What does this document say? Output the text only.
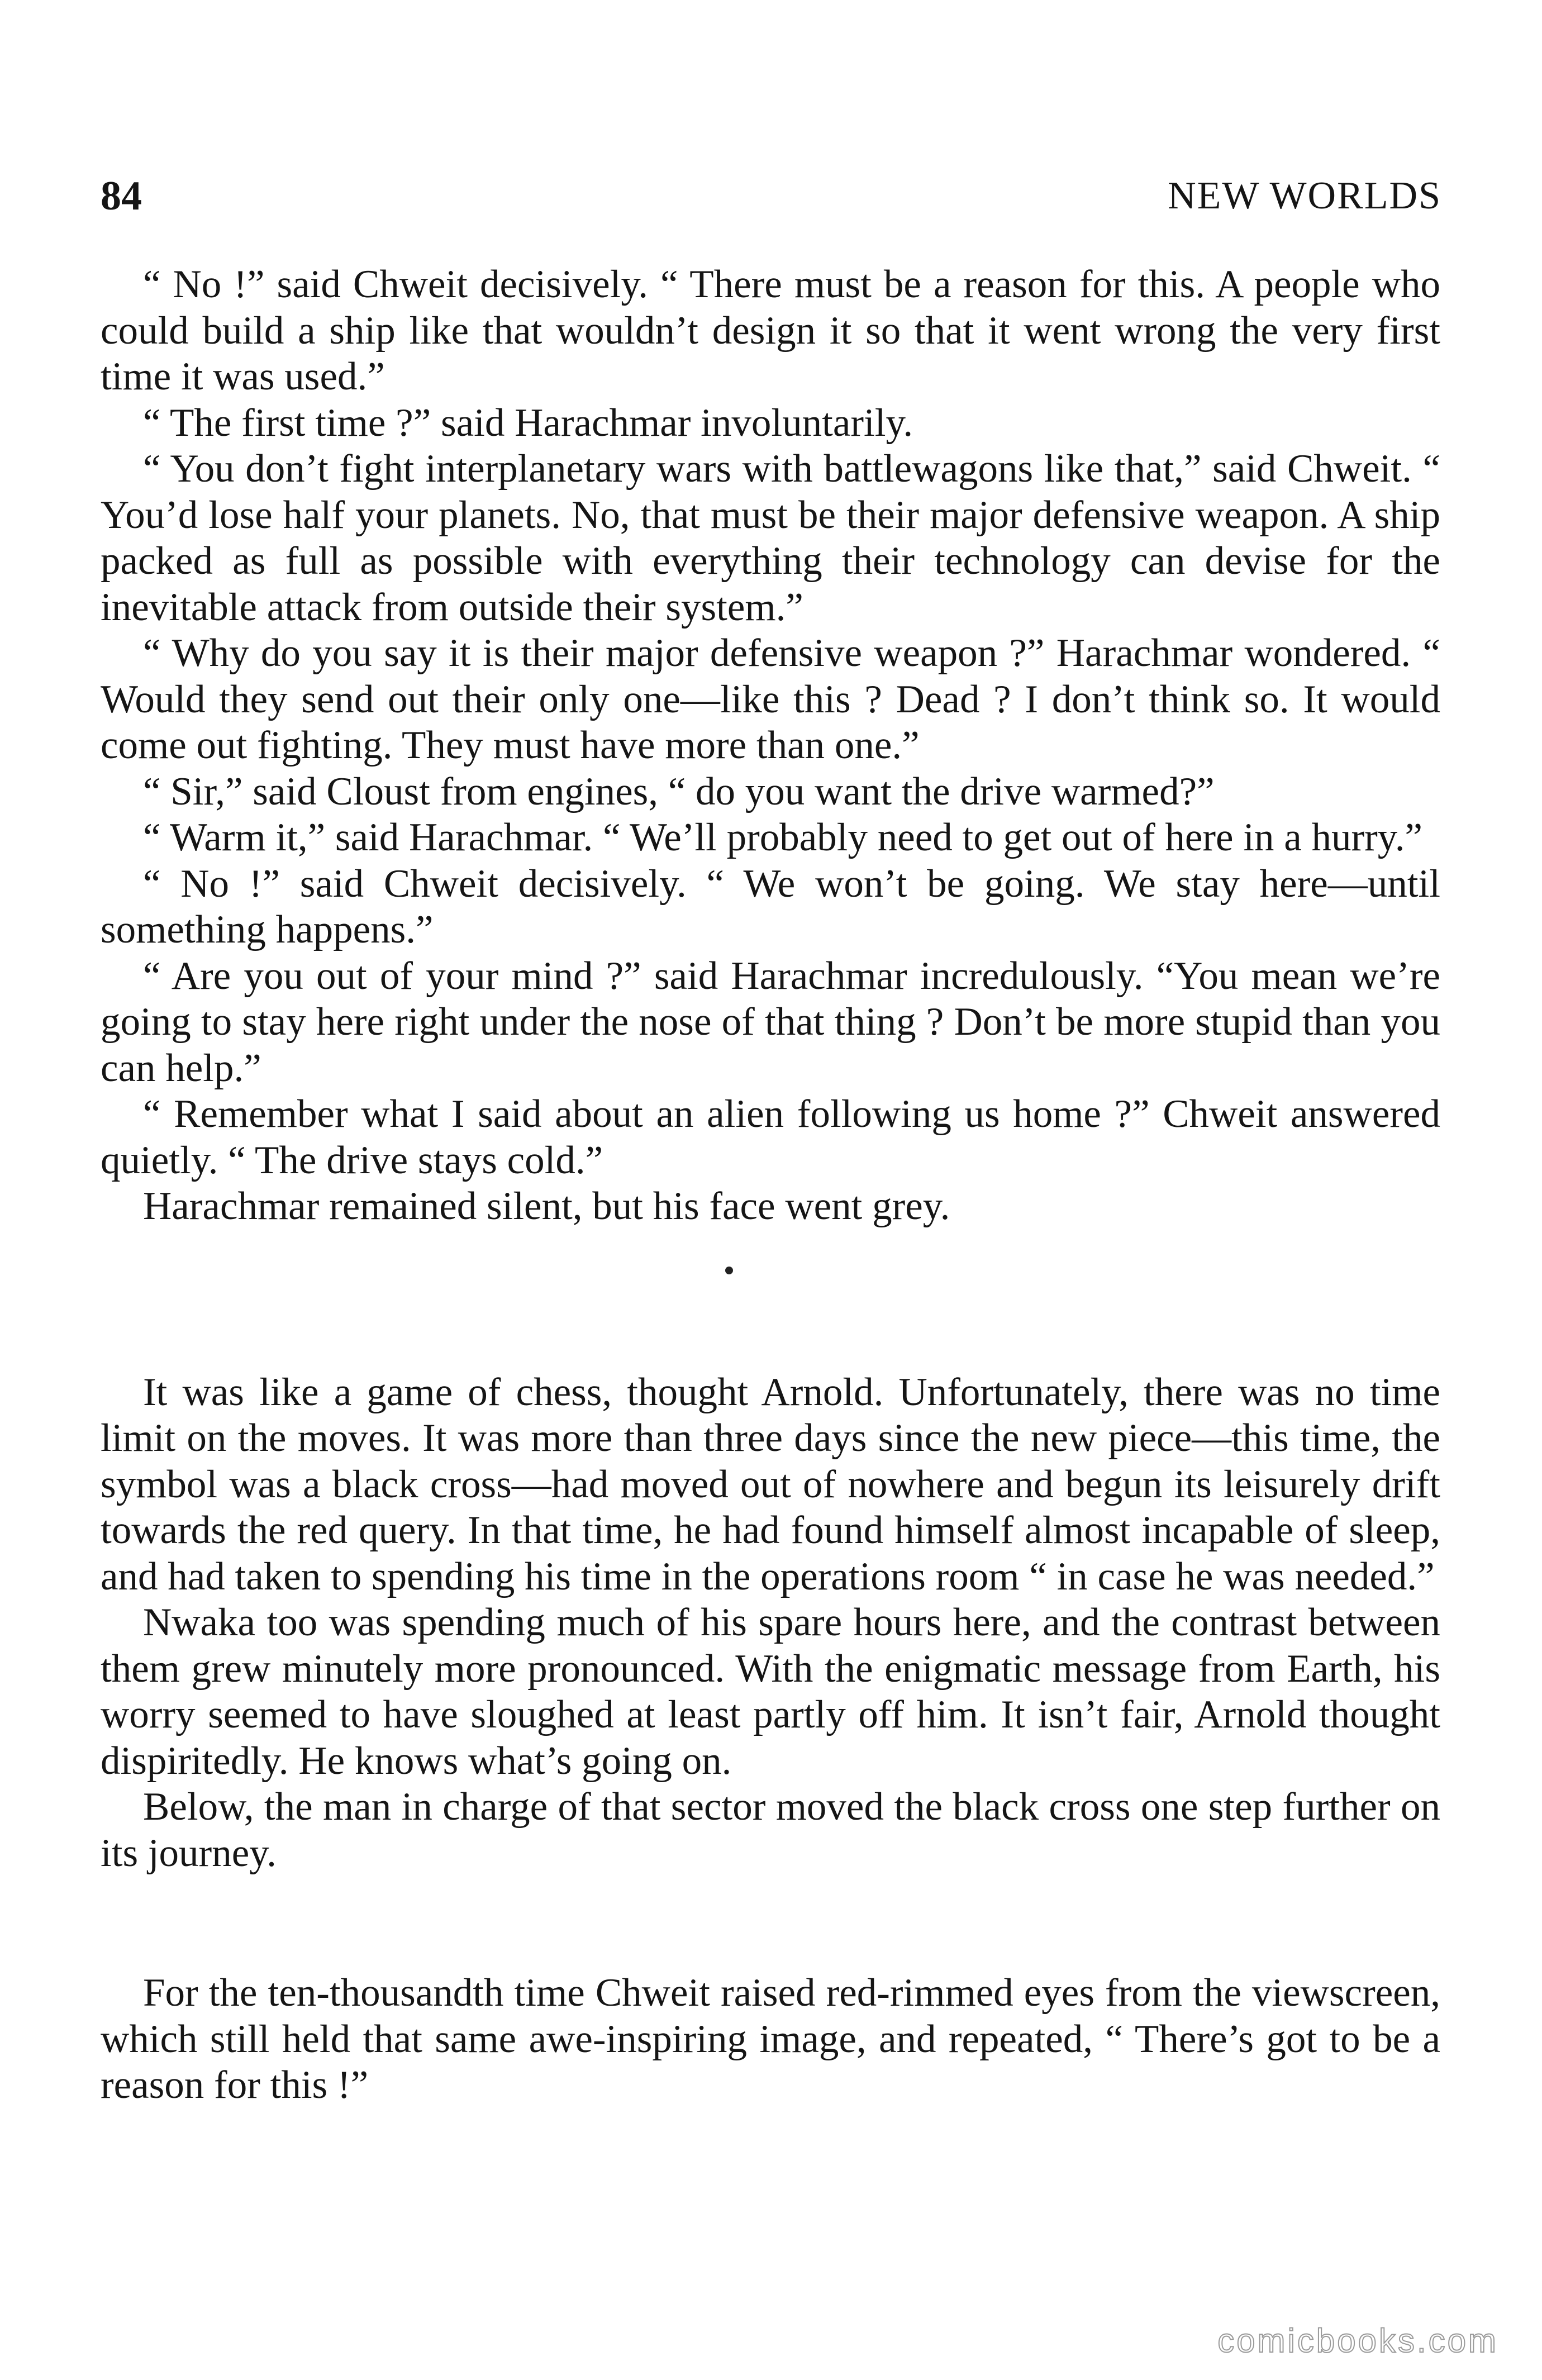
84	NEW WORLDS

“ No !” said Chweit decisively. “ There must be a reason for this. A people who could build a ship like that wouldn’t design it so that it went wrong the very first time it was used.”

“ The first time ?” said Harachmar involuntarily.

“ You don’t fight interplanetary wars with battlewagons like that,” said Chweit. “ You’d lose half your planets. No, that must be their major defensive weapon. A ship packed as full as possible with everything their technology can devise for the inevitable attack from outside their system.”

“ Why do you say it is their major defensive weapon ?” Harachmar wondered. “ Would they send out their only one—like this ? Dead ? I don’t think so. It would come out fighting. They must have more than one.”

“ Sir,” said Cloust from engines, “ do you want the drive warmed?”

“ Warm it,” said Harachmar. “ We’ll probably need to get out of here in a hurry.”

“ No !” said Chweit decisively. “ We won’t be going. We stay here—until something happens.”

“ Are you out of your mind ?” said Harachmar incredulously. “You mean we’re going to stay here right under the nose of that thing ? Don’t be more stupid than you can help.”

“ Remember what I said about an alien following us home ?” Chweit answered quietly. “ The drive stays cold.”

Harachmar remained silent, but his face went grey.

It was like a game of chess, thought Arnold. Unfortunately, there was no time limit on the moves. It was more than three days since the new piece—this time, the symbol was a black cross—had moved out of nowhere and begun its leisurely drift towards the red query. In that time, he had found himself almost incapable of sleep, and had taken to spending his time in the operations room “ in case he was needed.”

Nwaka too was spending much of his spare hours here, and the contrast between them grew minutely more pronounced. With the enigmatic message from Earth, his worry seemed to have sloughed at least partly off him. It isn’t fair, Arnold thought dispiritedly. He knows what’s going on.

Below, the man in charge of that sector moved the black cross one step further on its journey.

For the ten-thousandth time Chweit raised red-rimmed eyes from the viewscreen, which still held that same awe-inspiring image, and repeated, “ There’s got to be a reason for this !”

comicbooks.com
